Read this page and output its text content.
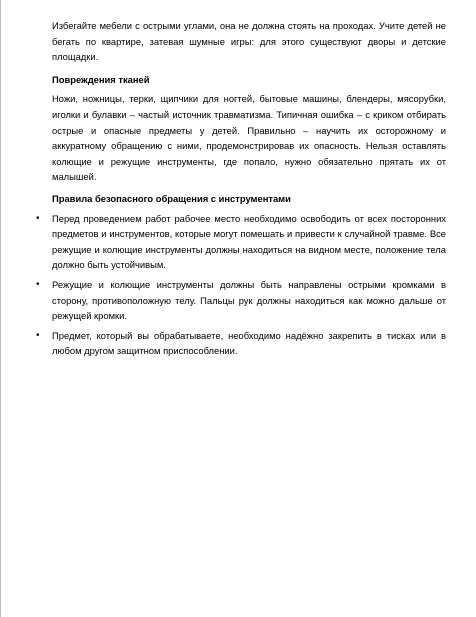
Избегайте мебели с острыми углами, она не должна стоять на проходах. Учите детей не бегать по квартире, затевая шумные игры: для этого существуют дворы и детские площадки.

Повреждения тканей

Ножи, ножницы, терки, щипчики для ногтей, бытовые машины, блендеры, мясорубки, иголки и булавки – частый источник травматизма. Типичная ошибка – с криком отбирать острые и опасные предметы у детей. Правильно – научить их осторожному и аккуратному обращению с ними, продемонстрировав их опасность. Нельзя оставлять колющие и режущие инструменты, где попало, нужно обязательно прятать их от малышей.

Правила безопасного обращения с инструментами
• Перед проведением работ рабочее место необходимо освободить от всех посторонних предметов и инструментов, которые могут помешать и привести к случайной травме. Все режущие и колющие инструменты должны находиться на видном месте, положение тела должно быть устойчивым.
• Режущие и колющие инструменты должны быть направлены острыми кромками в сторону, противоположную телу. Пальцы рук должны находиться как можно дальше от режущей кромки.
• Предмет, который вы обрабатываете, необходимо надёжно закрепить в тисках или в любом другом защитном приспособлении.
